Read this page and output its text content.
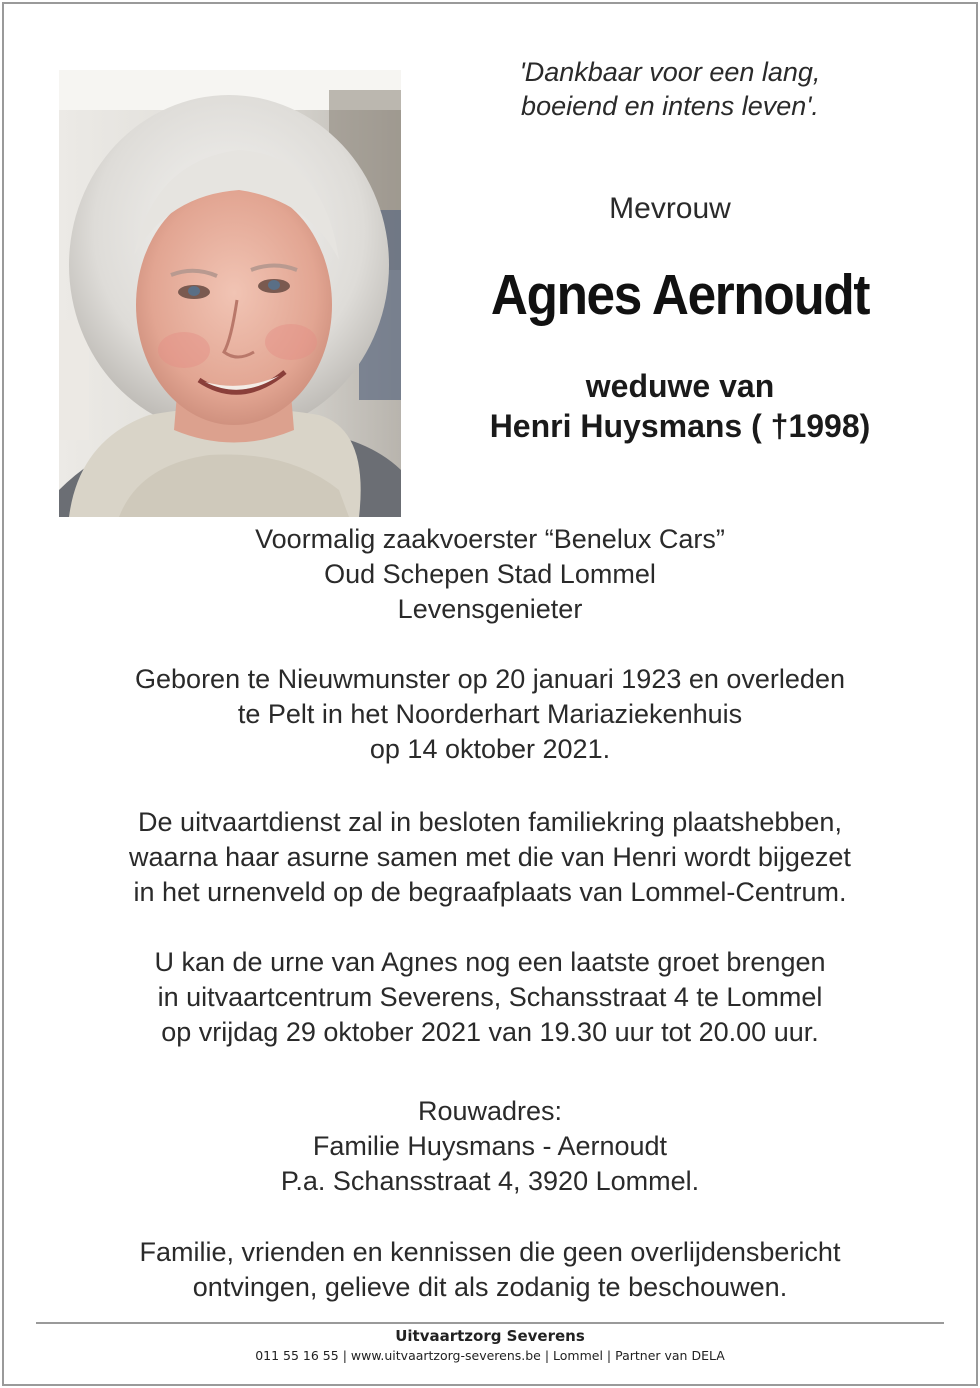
'Dankbaar voor een lang,
boeiend en intens leven'.
Mevrouw
Agnes Aernoudt
weduwe van
Henri Huysmans ( †1998)
Voormalig zaakvoerster “Benelux Cars”
Oud Schepen Stad Lommel
Levensgenieter
Geboren te Nieuwmunster op 20 januari 1923 en overleden
te Pelt in het Noorderhart Mariaziekenhuis
op 14 oktober 2021.
De uitvaartdienst zal in besloten familiekring plaatshebben,
waarna haar asurne samen met die van Henri wordt bijgezet
in het urnenveld op de begraafplaats van Lommel-Centrum.
U kan de urne van Agnes nog een laatste groet brengen
in uitvaartcentrum Severens, Schansstraat 4 te Lommel
op vrijdag 29 oktober 2021 van 19.30 uur tot 20.00 uur.
Rouwadres:
Familie Huysmans - Aernoudt
P.a. Schansstraat 4, 3920 Lommel.
Familie, vrienden en kennissen die geen overlijdensbericht
ontvingen, gelieve dit als zodanig te beschouwen.
Uitvaartzorg Severens
011 55 16 55 | www.uitvaartzorg-severens.be | Lommel | Partner van DELA
